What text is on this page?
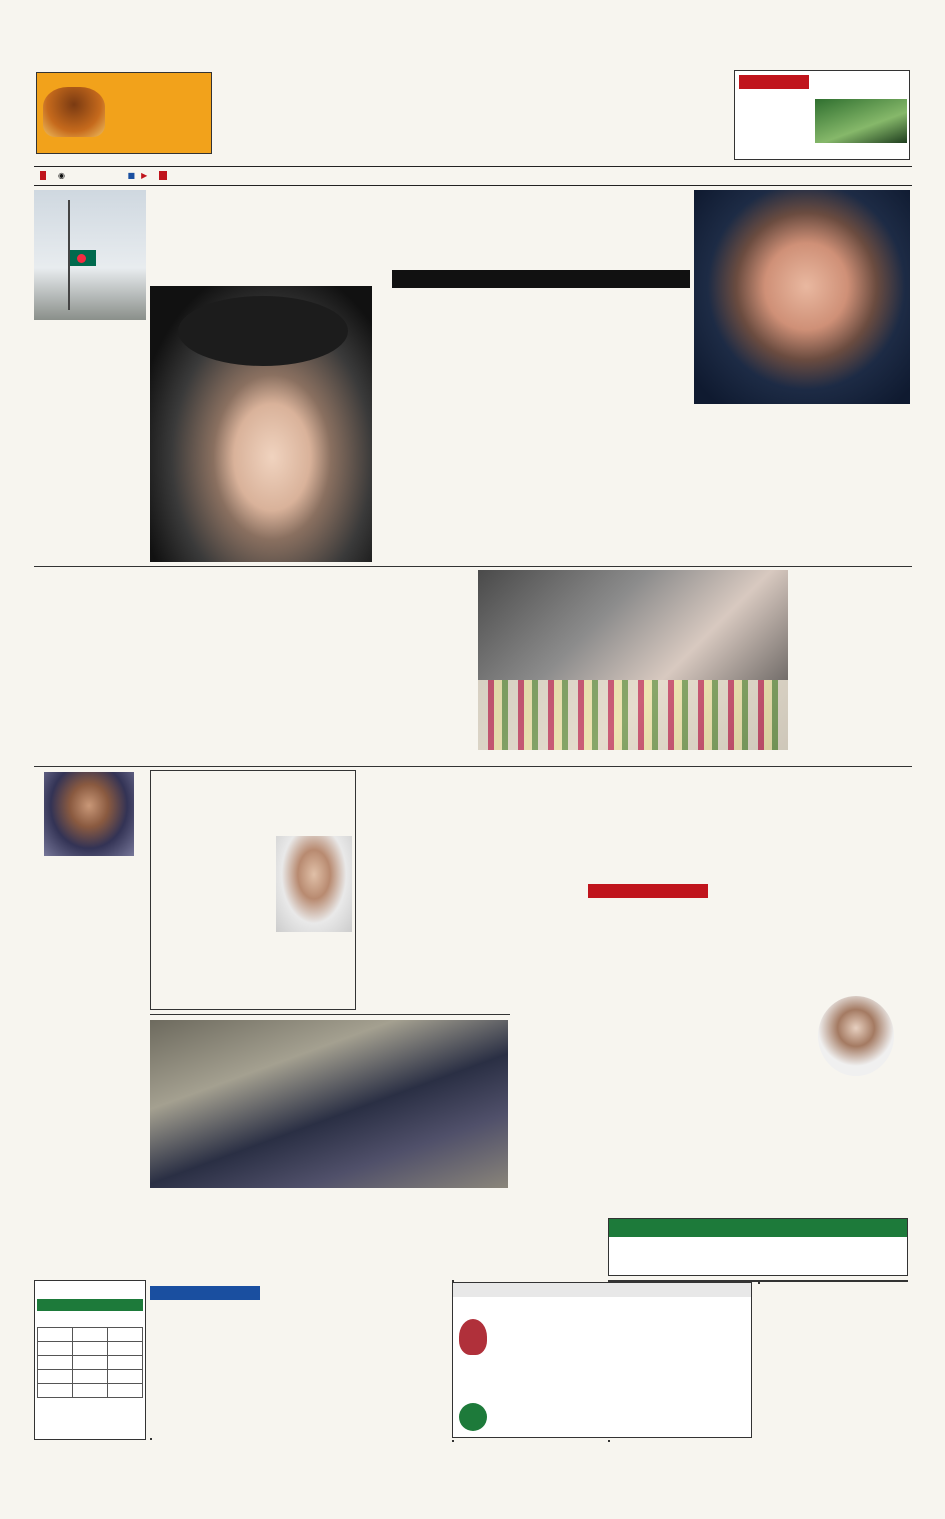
◉	■ ▶
